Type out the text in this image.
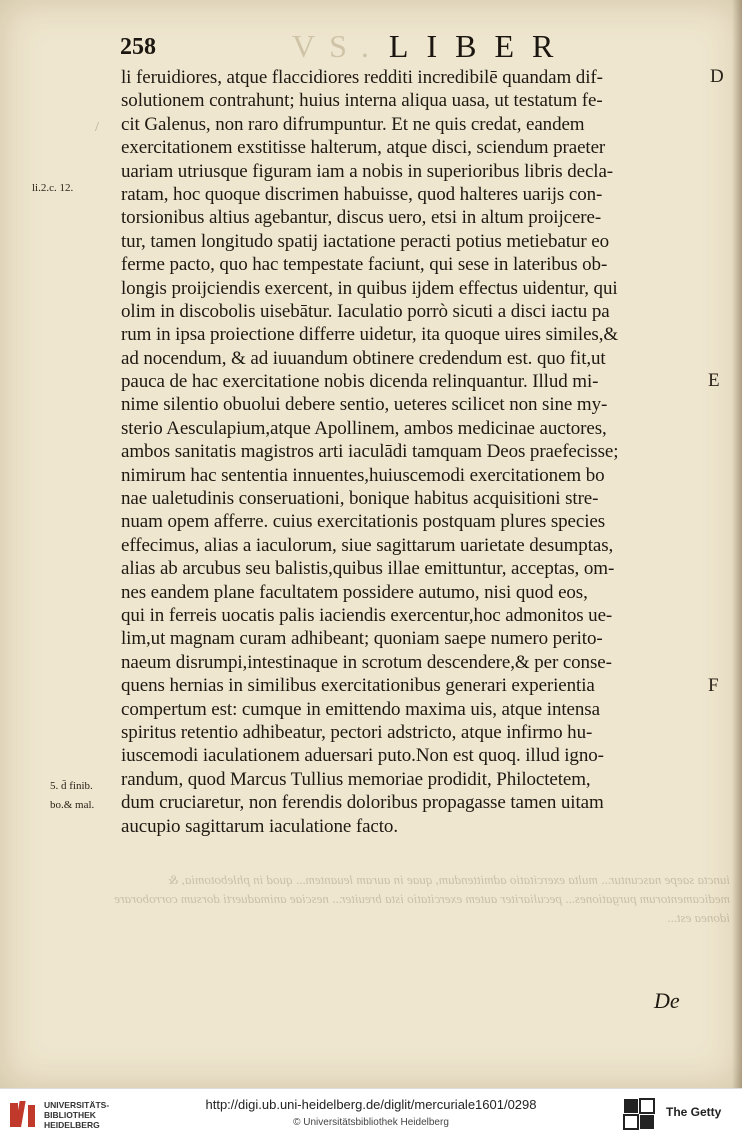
258	VS. LIBER
/
li feruidiores, atque flaccidiores redditi incredibilē quandam dif-
solutionem contrahunt; huius interna aliqua uasa, ut testatum fe-
cit Galenus, non raro difrumpuntur. Et ne quis credat, eandem
exercitationem exstitisse halterum, atque disci, sciendum praeter
uariam utriusque figuram iam a nobis in superioribus libris decla-
ratam, hoc quoque discrimen habuisse, quod halteres uarijs con-
torsionibus altius agebantur, discus uero, etsi in altum proijcere-
tur, tamen longitudo spatij iactatione peracti potius metiebatur eo
ferme pacto, quo hac tempestate faciunt, qui sese in lateribus ob-
longis proijciendis exercent, in quibus ijdem effectus uidentur, qui
olim in discobolis uisebātur. Iaculatio porrò sicuti a disci iactu pa
rum in ipsa proiectione differre uidetur, ita quoque uires similes,&
ad nocendum, & ad iuuandum obtinere credendum est. quo fit,ut
pauca de hac exercitatione nobis dicenda relinquantur. Illud mi-
nime silentio obuolui debere sentio, ueteres scilicet non sine my-
sterio Aesculapium,atque Apollinem, ambos medicinae auctores,
ambos sanitatis magistros arti iaculādi tamquam Deos praefecisse;
nimirum hac sententia innuentes,huiuscemodi exercitationem bo
nae ualetudinis conseruationi, bonique habitus acquisitioni stre-
nuam opem afferre. cuius exercitationis postquam plures species
effecimus, alias a iaculorum, siue sagittarum uarietate desumptas,
alias ab arcubus seu balistis,quibus illae emittuntur, acceptas, om-
nes eandem plane facultatem possidere autumo, nisi quod eos,
qui in ferreis uocatis palis iaciendis exercentur,hoc admonitos ue-
lim,ut magnam curam adhibeant; quoniam saepe numero perito-
naeum disrumpi,intestinaque in scrotum descendere,& per conse-
quens hernias in similibus exercitationibus generari experientia
compertum est: cumque in emittendo maxima uis, atque intensa
spiritus retentio adhibeatur, pectori adstricto, atque infirmo hu-
iuscemodi iaculationem aduersari puto.Non est quoq. illud igno-
randum, quod Marcus Tullius memoriae prodidit, Philoctetem,
dum cruciaretur, non ferendis doloribus propagasse tamen uitam
aucupio sagittarum iaculatione facto.
li.2.c. 12.
5. d̄ finib.
bo.& mal.
D
E
F
iuncta saepe nascuntur... multa exercitatio admittendum, quae in auram leuantem... quod in phlebotomia, & medicamentorum purgationes... peculiariter autem exercitatio ista breuiter... nesciae animaduerti dorsum corroborare idonea est...
De
UNIVERSITÄTS-
BIBLIOTHEK
HEIDELBERG
http://digi.ub.uni-heidelberg.de/diglit/mercuriale1601/0298
© Universitätsbibliothek Heidelberg
The Getty
